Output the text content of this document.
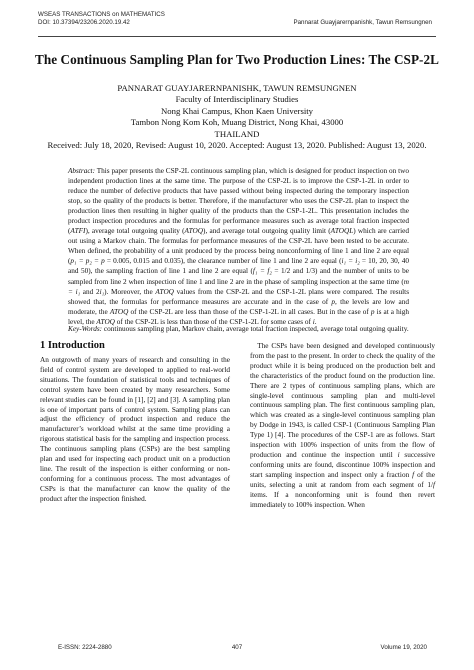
WSEAS TRANSACTIONS on MATHEMATICS
DOI: 10.37394/23206.2020.19.42	Pannarat Guayjarernpanishk, Tawun Remsungnen
The Continuous Sampling Plan for Two Production Lines: The CSP-2L
PANNARAT GUAYJARERNPANISHK, TAWUN REMSUNGNEN
Faculty of Interdisciplinary Studies
Nong Khai Campus, Khon Kaen University
Tambon Nong Kom Koh, Muang District, Nong Khai, 43000
THAILAND
Received: July 18, 2020, Revised: August 10, 2020. Accepted: August 13, 2020. Published: August 13, 2020.

Abstract: This paper presents the CSP-2L continuous sampling plan, which is designed for product inspection on two independent production lines at the same time. The purpose of the CSP-2L is to improve the CSP-1-2L in order to reduce the number of defective products that have passed without being inspected during the temporary inspection stop, so the quality of the products is better. Therefore, if the manufacturer who uses the CSP-2L plan to inspect the production lines then resulting in higher quality of the products than the CSP-1-2L. This presentation includes the product inspection procedures and the formulas for performance measures such as average total fraction inspected (ATFI), average total outgoing quality (ATOQ), and average total outgoing quality limit (ATOQL) which are carried out using a Markov chain. The formulas for performance measures of the CSP-2L have been tested to be accurate. When defined, the probability of a unit produced by the process being nonconforming of line 1 and line 2 are equal (p₁ = p₂ = p = 0.005, 0.015 and 0.035), the clearance number of line 1 and line 2 are equal (i₁ = i₂ = 10, 20, 30, 40 and 50), the sampling fraction of line 1 and line 2 are equal (f₁ = f₂ = 1/2 and 1/3) and the number of units to be sampled from line 2 when inspection of line 1 and line 2 are in the phase of sampling inspection at the same time (m = i₁ and 2i₁). Moreover, the ATOQ values from the CSP-2L and the CSP-1-2L plans were compared. The results showed that, the formulas for performance measures are accurate and in the case of p, the levels are low and moderate, the ATOQ of the CSP-2L are less than those of the CSP-1-2L in all cases. But in the case of p is at a high level, the ATOQ of the CSP-2L is less than those of the CSP-1-2L for some cases of i.

Key-Words: continuous sampling plan, Markov chain, average total fraction inspected, average total outgoing quality.

1 Introduction

An outgrowth of many years of research and consulting in the field of control system are developed to applied to real-world situations. The foundation of statistical tools and techniques of control system have been created by many researchers. Some relevant studies can be found in [1], [2] and [3]. A sampling plan is one of important parts of control system. Sampling plans can adjust the efficiency of product inspection and reduce the manufacturer’s workload whilst at the same time providing a rigorous statistical basis for the sampling and inspection process. The continuous sampling plans (CSPs) are the best sampling plan and used for inspecting each product unit on a production line. The result of the inspection is either conforming or non-conforming for a continuous process. The most advantages of CSPs is that the manufacturer can know the quality of the product after the inspection finished.

 The CSPs have been designed and developed continuously from the past to the present. In order to check the quality of the product while it is being produced on the production belt and the characteristics of the product found on the production line. There are 2 types of continuous sampling plans, which are single-level continuous sampling plan and multi-level continuous sampling plan. The first continuous sampling plan, which was created as a single-level continuous sampling plan by Dodge in 1943, is called CSP-1 (Continuous Sampling Plan Type 1) [4]. The procedures of the CSP-1 are as follows. Start inspection with 100% inspection of units from the flow of production and continue the inspection until i successive conforming units are found, discontinue 100% inspection and start sampling inspection and inspect only a fraction f of the units, selecting a unit at random from each segment of 1/f items. If a nonconforming unit is found then revert immediately to 100% inspection. When

E-ISSN: 2224-2880	407	Volume 19, 2020
